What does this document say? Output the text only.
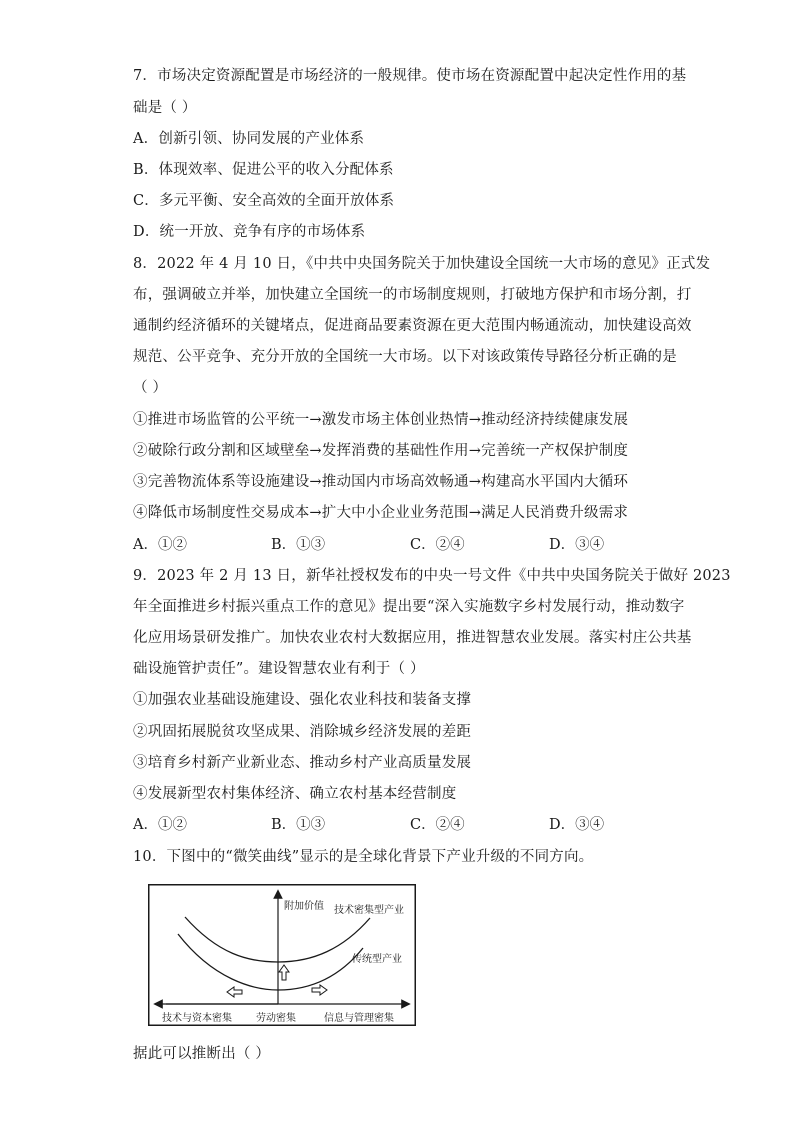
7．市场决定资源配置是市场经济的一般规律。使市场在资源配置中起决定性作用的基
础是（ ）
A．创新引领、协同发展的产业体系
B．体现效率、促进公平的收入分配体系
C．多元平衡、安全高效的全面开放体系
D．统一开放、竞争有序的市场体系
8．2022 年 4 月 10 日，《中共中央国务院关于加快建设全国统一大市场的意见》正式发
布，强调破立并举，加快建立全国统一的市场制度规则，打破地方保护和市场分割，打
通制约经济循环的关键堵点，促进商品要素资源在更大范围内畅通流动，加快建设高效
规范、公平竞争、充分开放的全国统一大市场。以下对该政策传导路径分析正确的是
（ ）
①推进市场监管的公平统一→激发市场主体创业热情→推动经济持续健康发展
②破除行政分割和区域壁垒→发挥消费的基础性作用→完善统一产权保护制度
③完善物流体系等设施建设→推动国内市场高效畅通→构建高水平国内大循环
④降低市场制度性交易成本→扩大中小企业业务范围→满足人民消费升级需求
A．①②	B．①③	C．②④	D．③④
9．2023 年 2 月 13 日，新华社授权发布的中央一号文件《中共中央国务院关于做好 2023
年全面推进乡村振兴重点工作的意见》提出要“深入实施数字乡村发展行动，推动数字
化应用场景研发推广。加快农业农村大数据应用，推进智慧农业发展。落实村庄公共基
础设施管护责任”。建设智慧农业有利于（ ）
①加强农业基础设施建设、强化农业科技和装备支撑
②巩固拓展脱贫攻坚成果、消除城乡经济发展的差距
③培育乡村新产业新业态、推动乡村产业高质量发展
④发展新型农村集体经济、确立农村基本经营制度
A．①②	B．①③	C．②④	D．③④
10．下图中的“微笑曲线”显示的是全球化背景下产业升级的不同方向。
附加价值 技术密集型产业
传统型产业
技术与资本密集 劳动密集	信息与管理密集
据此可以推断出（ ）
